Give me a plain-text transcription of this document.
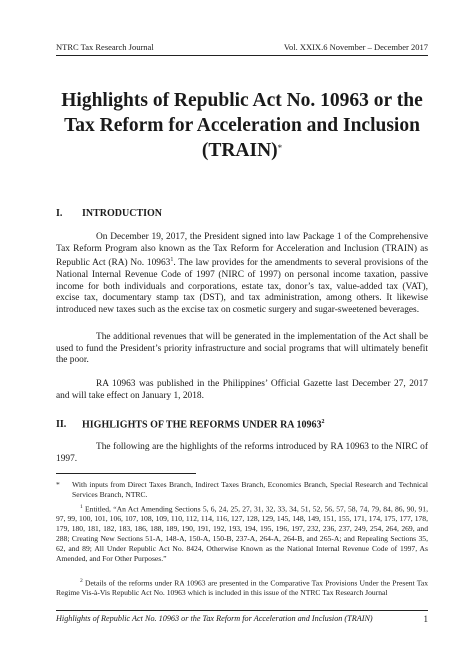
NTRC Tax Research Journal	Vol. XXIX.6 November – December 2017
Highlights of Republic Act No. 10963 or the
Tax Reform for Acceleration and Inclusion
(TRAIN)*
I. INTRODUCTION

On December 19, 2017, the President signed into law Package 1 of the Comprehensive Tax Reform Program also known as the Tax Reform for Acceleration and Inclusion (TRAIN) as Republic Act (RA) No. 10963$^1$. The law provides for the amendments to several provisions of the National Internal Revenue Code of 1997 (NIRC of 1997) on personal income taxation, passive income for both individuals and corporations, estate tax, donor’s tax, value-added tax (VAT), excise tax, documentary stamp tax (DST), and tax administration, among others. It likewise introduced new taxes such as the excise tax on cosmetic surgery and sugar-sweetened beverages.

The additional revenues that will be generated in the implementation of the Act shall be used to fund the President’s priority infrastructure and social programs that will ultimately benefit the poor.

RA 10963 was published in the Philippines’ Official Gazette last December 27, 2017 and will take effect on January 1, 2018.

II. HIGHLIGHTS OF THE REFORMS UNDER RA 10963$^2$

The following are the highlights of the reforms introduced by RA 10963 to the NIRC of 1997.

* With inputs from Direct Taxes Branch, Indirect Taxes Branch, Economics Branch, Special Research and Technical Services Branch, NTRC.

$^1$ Entitled, “An Act Amending Sections 5, 6, 24, 25, 27, 31, 32, 33, 34, 51, 52, 56, 57, 58, 74, 79, 84, 86, 90, 91, 97, 99, 100, 101, 106, 107, 108, 109, 110, 112, 114, 116, 127, 128, 129, 145, 148, 149, 151, 155, 171, 174, 175, 177, 178, 179, 180, 181, 182, 183, 186, 188, 189, 190, 191, 192, 193, 194, 195, 196, 197, 232, 236, 237, 249, 254, 264, 269, and 288; Creating New Sections 51-A, 148-A, 150-A, 150-B, 237-A, 264-A, 264-B, and 265-A; and Repealing Sections 35, 62, and 89; All Under Republic Act No. 8424, Otherwise Known as the National Internal Revenue Code of 1997, As Amended, and For Other Purposes.”

$^2$ Details of the reforms under RA 10963 are presented in the Comparative Tax Provisions Under the Present Tax Regime Vis-à-Vis Republic Act No. 10963 which is included in this issue of the NTRC Tax Research Journal

Highlights of Republic Act No. 10963 or the Tax Reform for Acceleration and Inclusion (TRAIN)	1
